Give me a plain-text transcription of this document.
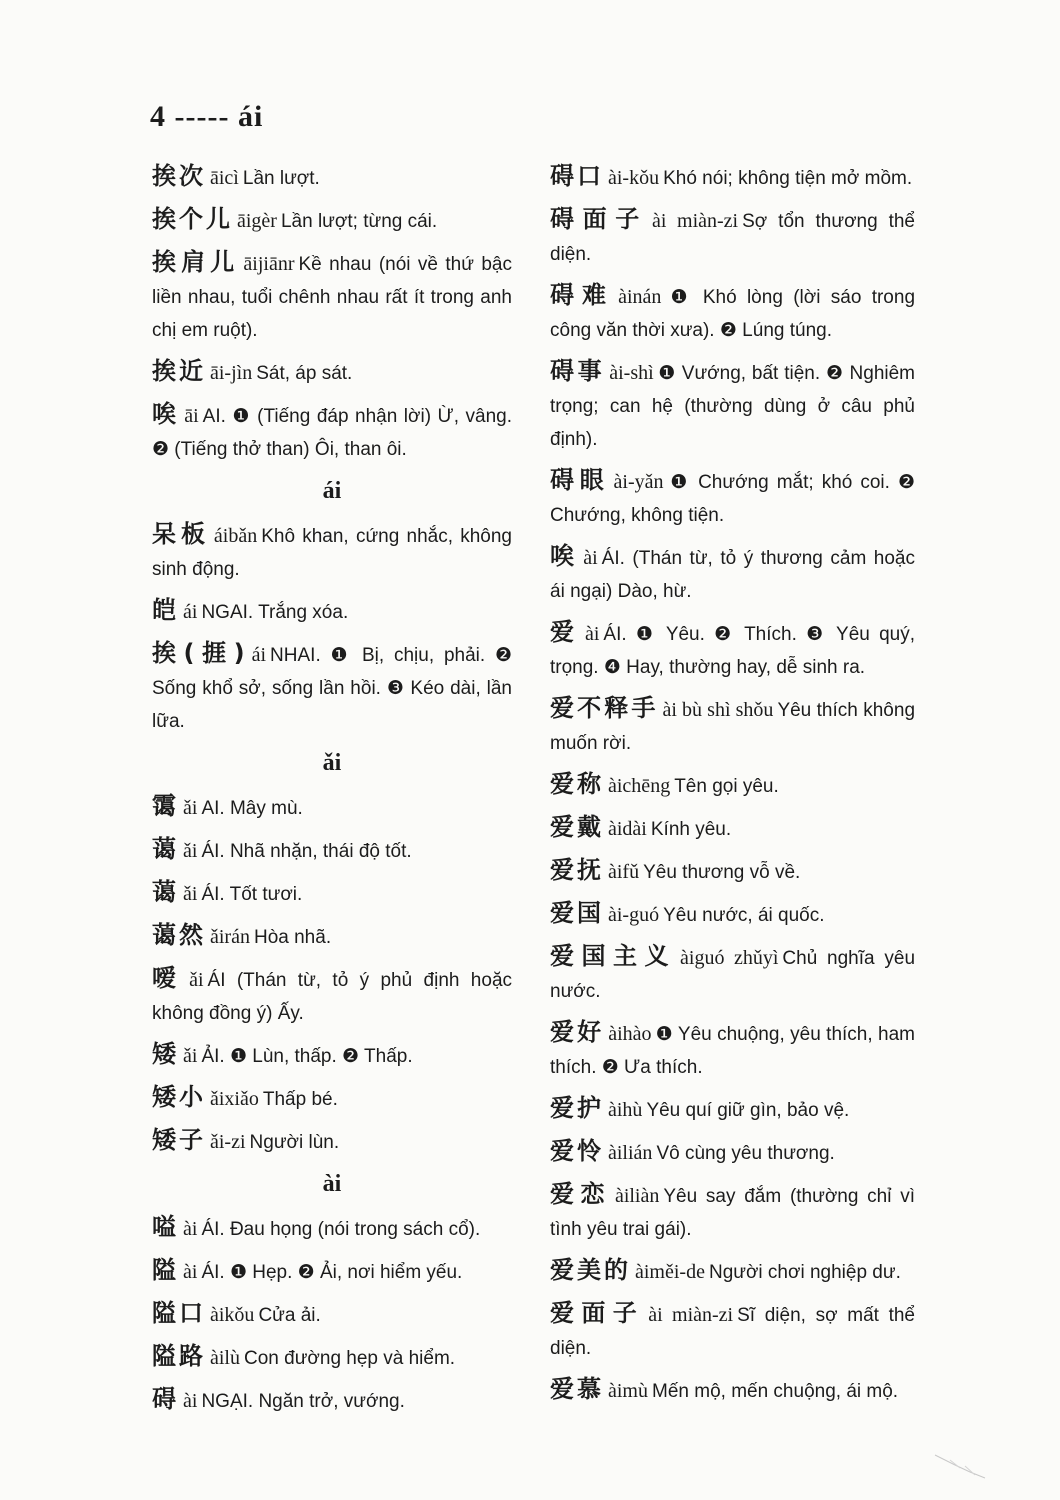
4 ----- ái
挨次 āicì Lần lượt.
挨个儿 āigèr Lần lượt; từng cái.
挨肩儿 āijiānr Kề nhau (nói về thứ bậc liền nhau, tuổi chênh nhau rất ít trong anh chị em ruột).
挨近 āi-jìn Sát, áp sát.
唉 āi AI. ❶ (Tiếng đáp nhận lời) Ừ, vâng. ❷ (Tiếng thở than) Ôi, than ôi.
ái
呆板 áibǎn Khô khan, cứng nhắc, không sinh động.
皑 ái NGAI. Trắng xóa.
挨(捱) ái NHAI. ❶ Bị, chịu, phải. ❷ Sống khổ sở, sống lần hồi. ❸ Kéo dài, lần lữa.
ǎi
霭 ǎi AI. Mây mù.
蔼 ǎi ÁI. Nhã nhặn, thái độ tốt.
蔼 ǎi ÁI. Tốt tươi.
蔼然 ǎirán Hòa nhã.
嗳 ǎi ÁI (Thán từ, tỏ ý phủ định hoặc không đồng ý) Ấy.
矮 ǎi ẢI. ❶ Lùn, thấp. ❷ Thấp.
矮小 ǎixiǎo Thấp bé.
矮子 ǎi-zi Người lùn.
ài
嗌 ài ÁI. Đau họng (nói trong sách cổ).
隘 ài ÁI. ❶ Hẹp. ❷ Ải, nơi hiểm yếu.
隘口 àikǒu Cửa ải.
隘路 àilù Con đường hẹp và hiểm.
碍 ài NGẠI. Ngăn trở, vướng.
碍口 ài-kǒu Khó nói; không tiện mở mồm.
碍面子 ài miàn-zi Sợ tổn thương thể diện.
碍难 àinán ❶ Khó lòng (lời sáo trong công văn thời xưa). ❷ Lúng túng.
碍事 ài-shì ❶ Vướng, bất tiện. ❷ Nghiêm trọng; can hệ (thường dùng ở câu phủ định).
碍眼 ài-yǎn ❶ Chướng mắt; khó coi. ❷ Chướng, không tiện.
唉 ài ÁI. (Thán từ, tỏ ý thương cảm hoặc ái ngại) Dào, hừ.
爱 ài ÁI. ❶ Yêu. ❷ Thích. ❸ Yêu quý, trọng. ❹ Hay, thường hay, dễ sinh ra.
爱不释手 ài bù shì shǒu Yêu thích không muốn rời.
爱称 àichēng Tên gọi yêu.
爱戴 àidài Kính yêu.
爱抚 àifǔ Yêu thương vỗ về.
爱国 ài-guó Yêu nước, ái quốc.
爱国主义 àiguó zhǔyì Chủ nghĩa yêu nước.
爱好 àihào ❶ Yêu chuộng, yêu thích, ham thích. ❷ Ưa thích.
爱护 àihù Yêu quí giữ gìn, bảo vệ.
爱怜 àilián Vô cùng yêu thương.
爱恋 àiliàn Yêu say đắm (thường chỉ vì tình yêu trai gái).
爱美的 àiměi-de Người chơi nghiệp dư.
爱面子 ài miàn-zi Sĩ diện, sợ mất thể diện.
爱慕 àimù Mến mộ, mến chuộng, ái mộ.
